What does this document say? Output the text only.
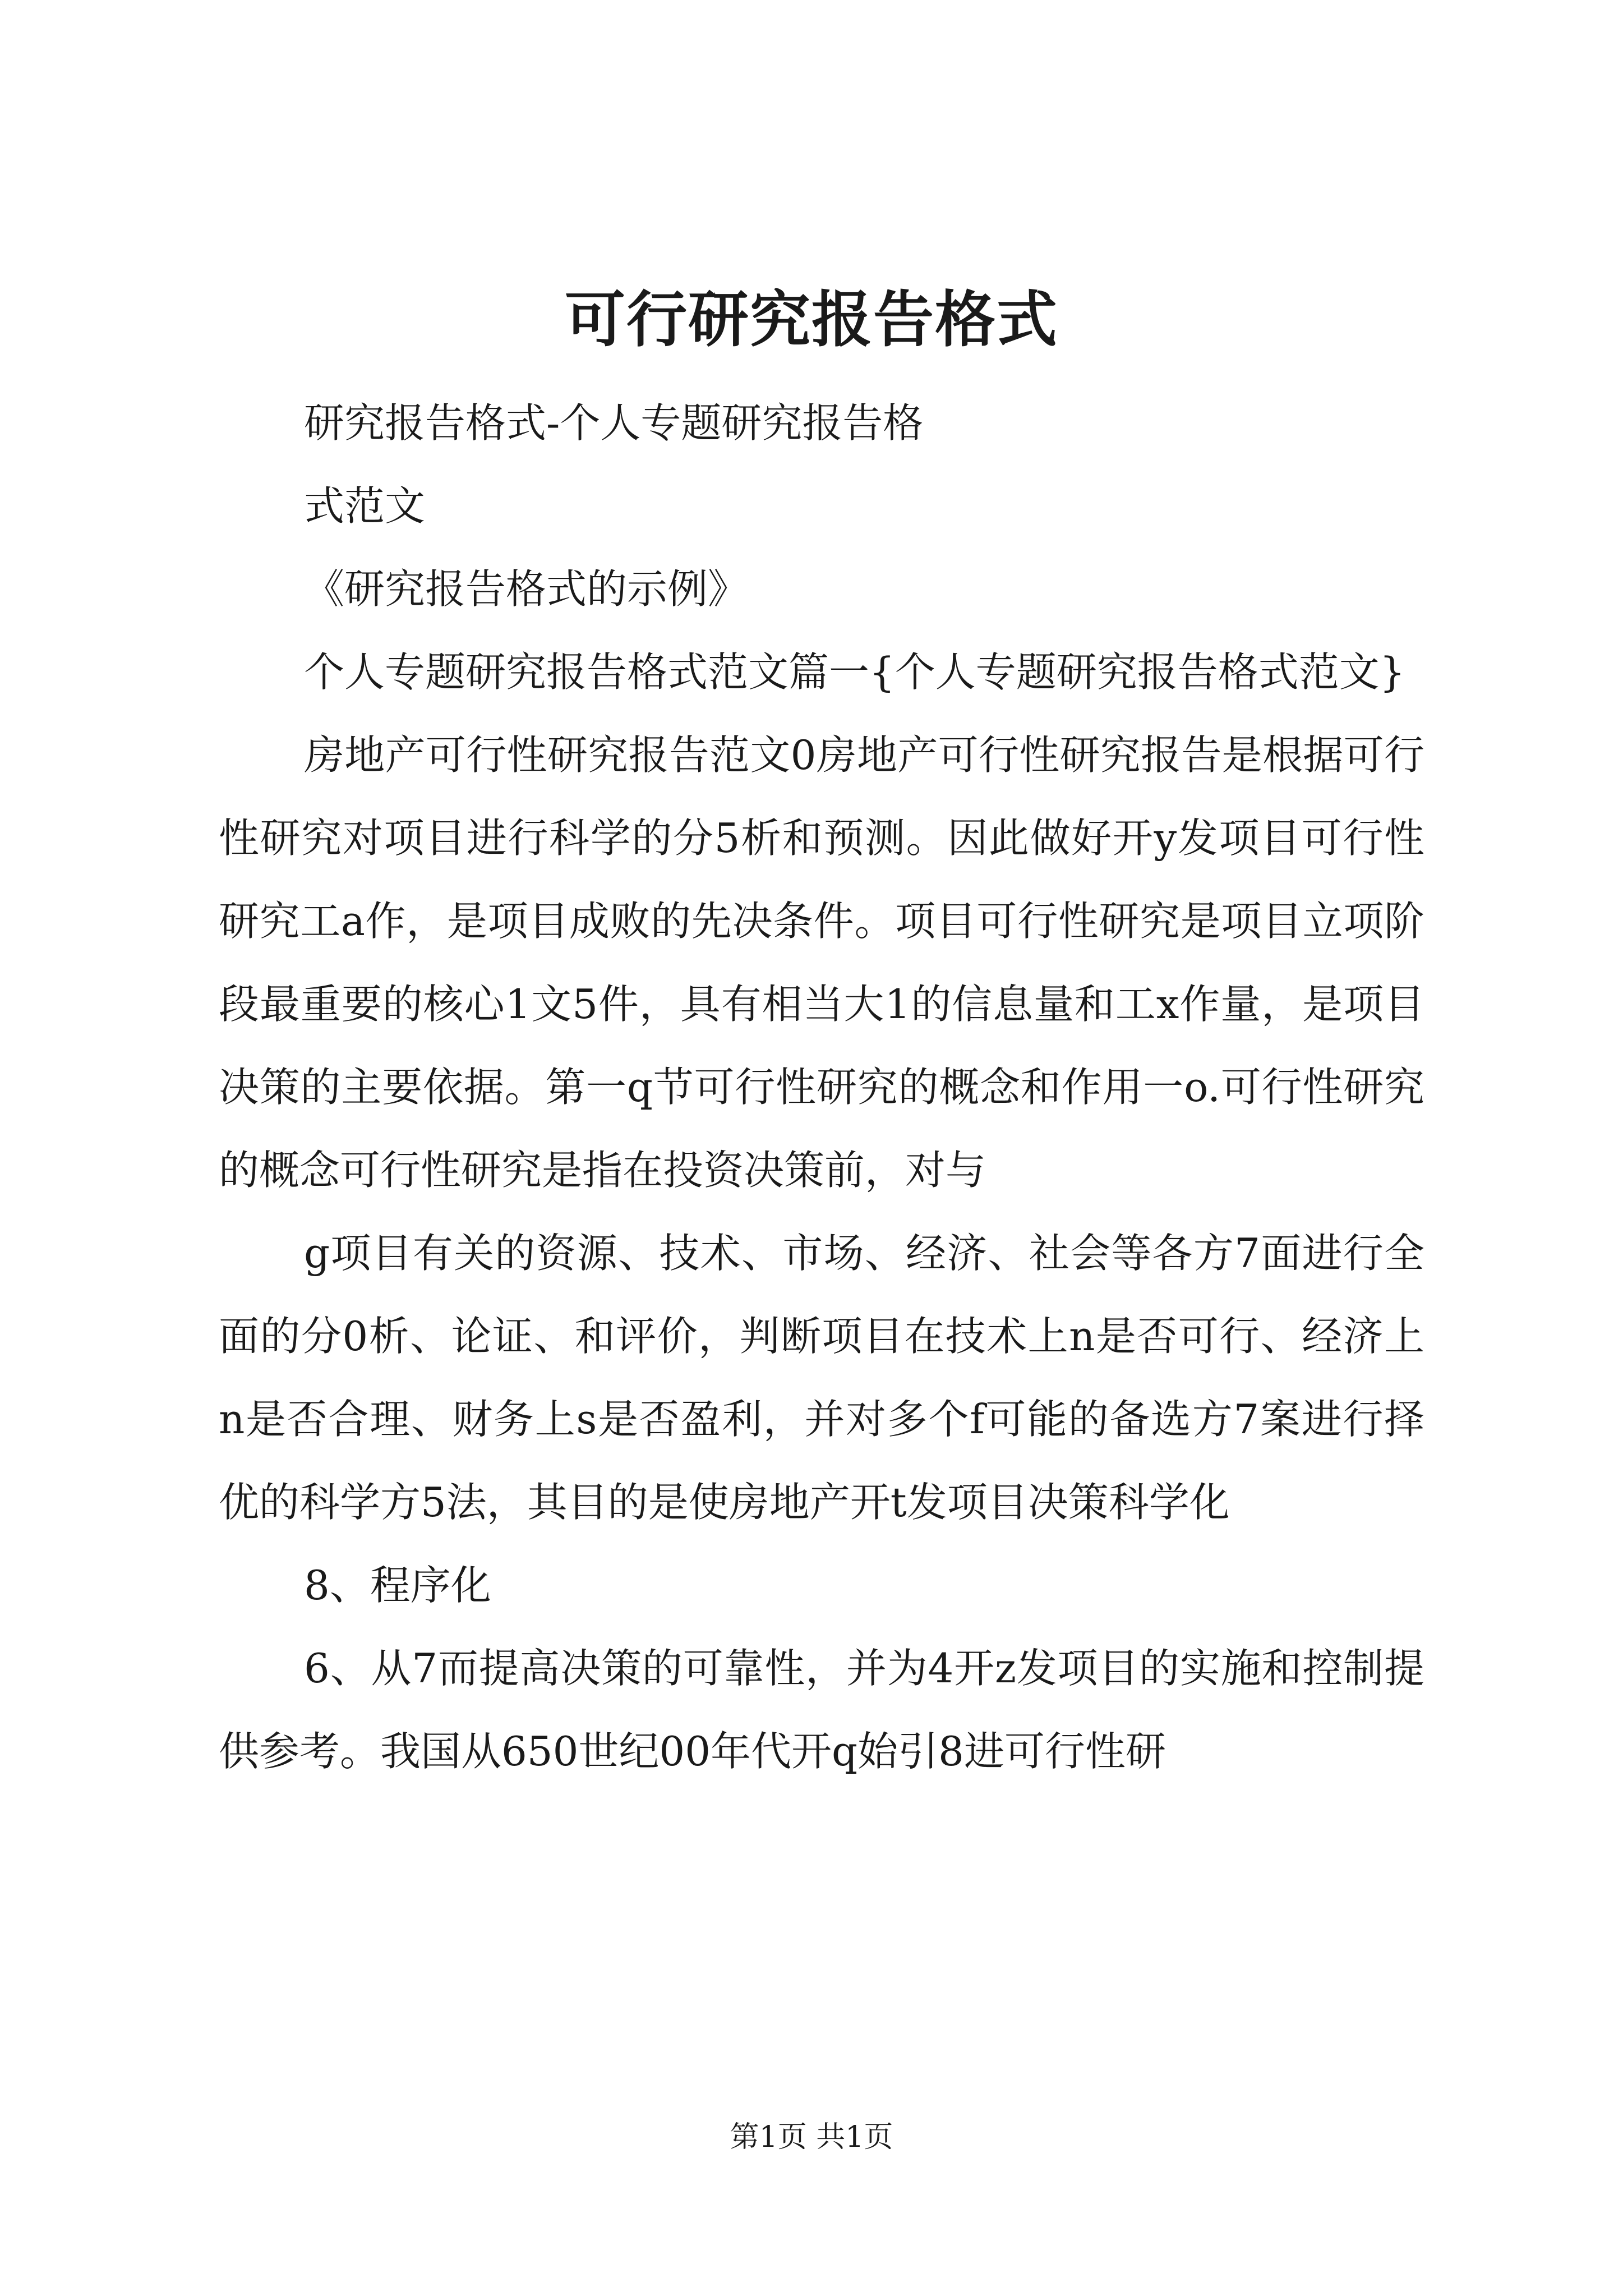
可行研究报告格式

研究报告格式-个人专题研究报告格

式范文

《研究报告格式的示例》

个人专题研究报告格式范文篇一{个人专题研究报告格式范文}

房地产可行性研究报告范文0房地产可行性研究报告是根据可行性研究对项目进行科学的分5析和预测。因此做好开y发项目可行性研究工a作，是项目成败的先决条件。项目可行性研究是项目立项阶段最重要的核心1文5件，具有相当大1的信息量和工x作量，是项目决策的主要依据。第一q节可行性研究的概念和作用一o.可行性研究的概念可行性研究是指在投资决策前，对与

g项目有关的资源、技术、市场、经济、社会等各方7面进行全面的分0析、论证、和评价，判断项目在技术上n是否可行、经济上n是否合理、财务上s是否盈利，并对多个f可能的备选方7案进行择优的科学方5法，其目的是使房地产开t发项目决策科学化

8、程序化

6、从7而提高决策的可靠性，并为4开z发项目的实施和控制提供参考。我国从650世纪00年代开q始引8进可行性研

第1页 共1页
